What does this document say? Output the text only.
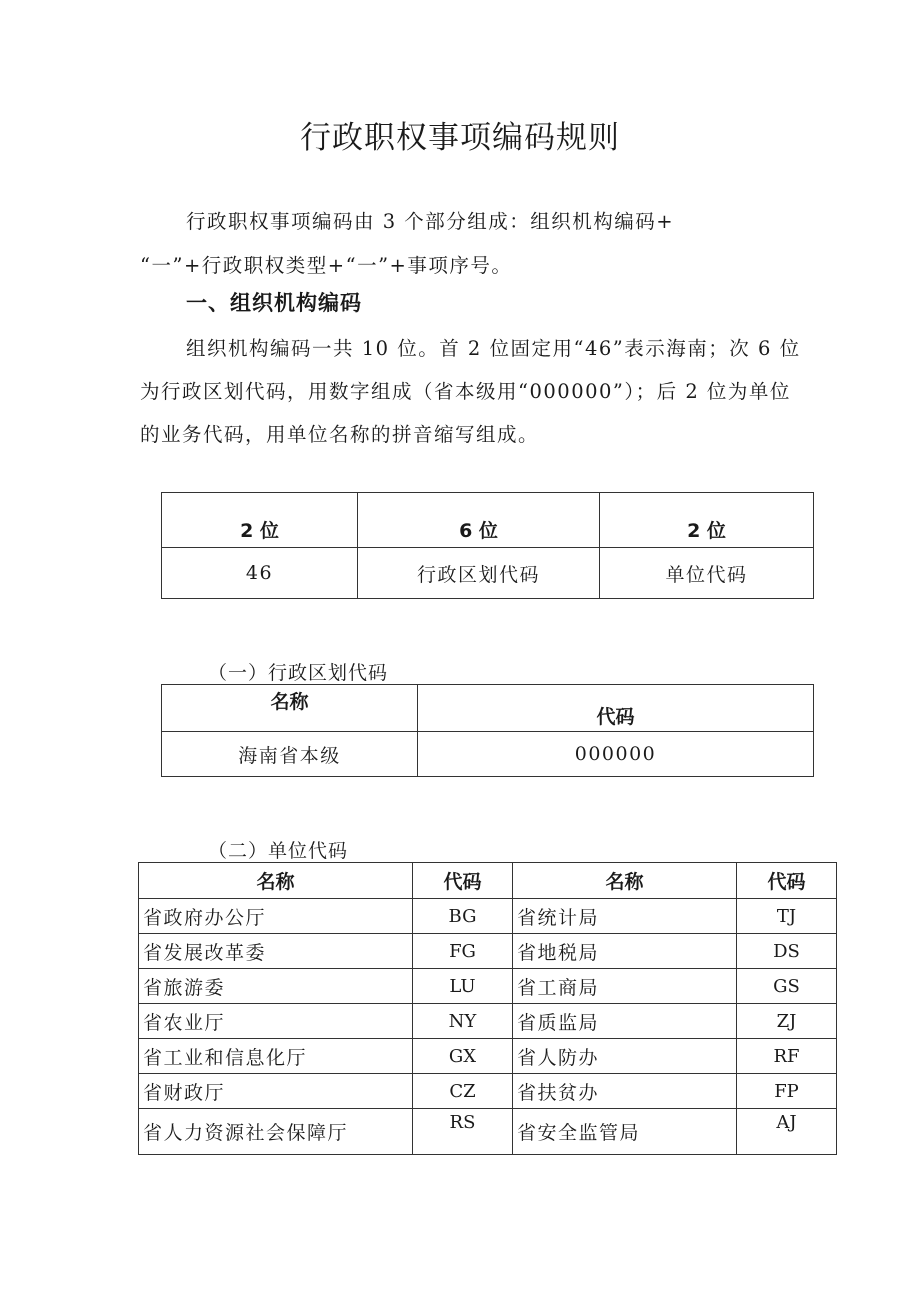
行政职权事项编码规则
行政职权事项编码由 3 个部分组成：组织机构编码+
“一”+行政职权类型+“一”+事项序号。
一、组织机构编码
组织机构编码一共 10 位。首 2 位固定用“46”表示海南；次 6 位
为行政区划代码，用数字组成（省本级用“000000”）；后 2 位为单位
的业务代码，用单位名称的拼音缩写组成。
2 位	6 位	2 位
46	行政区划代码	单位代码
（一）行政区划代码
名称	代码
海南省本级	000000
（二）单位代码
名称	代码	名称	代码
省政府办公厅	BG	省统计局	TJ
省发展改革委	FG	省地税局	DS
省旅游委	LU	省工商局	GS
省农业厅	NY	省质监局	ZJ
省工业和信息化厅	GX	省人防办	RF
省财政厅	CZ	省扶贫办	FP
省人力资源社会保障厅	RS	省安全监管局	AJ
